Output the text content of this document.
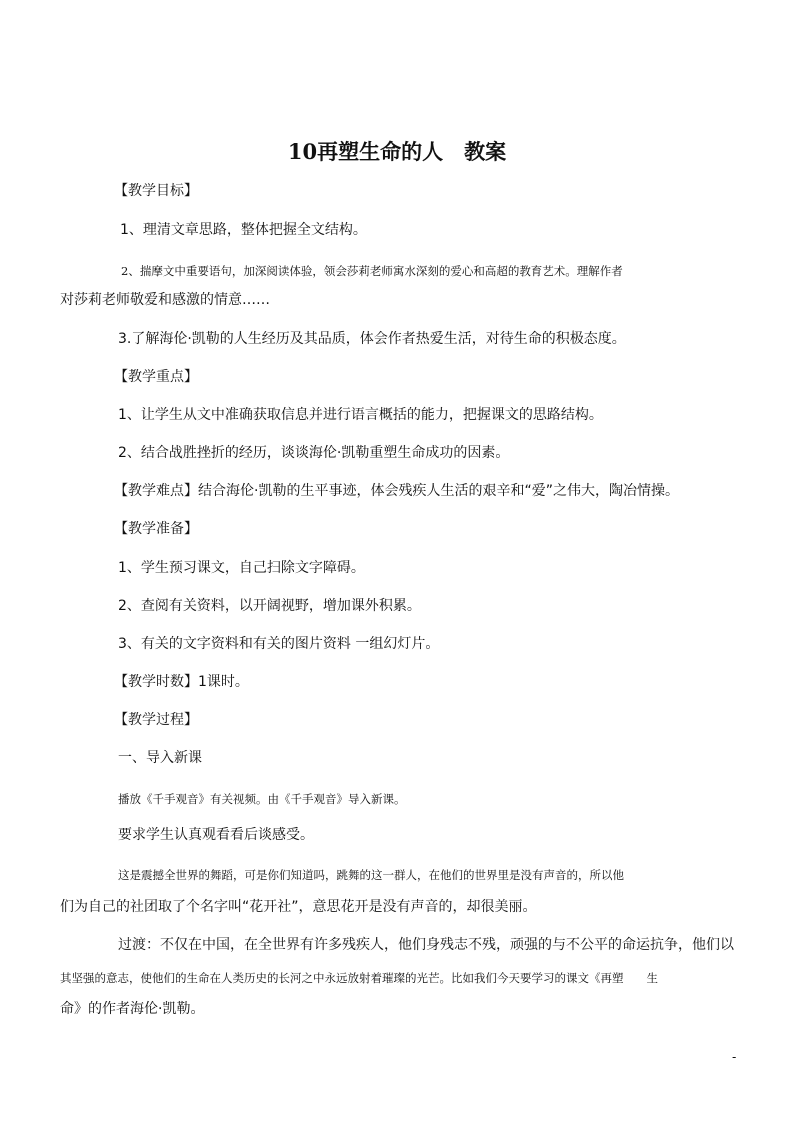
10再塑生命的人　教案
【教学目标】
1、理清文章思路，整体把握全文结构。
2、揣摩文中重要语句，加深阅读体验，领会莎莉老师寓水深刻的爱心和高超的教育艺术。理解作者
对莎莉老师敬爱和感激的情意……
3.了解海伦·凯勒的人生经历及其品质，体会作者热爱生活，对待生命的积极态度。
【教学重点】
1、让学生从文中准确获取信息并进行语言概括的能力，把握课文的思路结构。
2、结合战胜挫折的经历，谈谈海伦·凯勒重塑生命成功的因素。
【教学难点】结合海伦·凯勒的生平事迹，体会残疾人生活的艰辛和“爱”之伟大，陶冶情操。
【教学准备】
1、学生预习课文，自己扫除文字障碍。
2、查阅有关资料，以开阔视野，增加课外积累。
3、有关的文字资料和有关的图片资料 一组幻灯片。
【教学时数】1课时。
【教学过程】
一、导入新课
播放《千手观音》有关视频。由《千手观音》导入新课。
要求学生认真观看看后谈感受。
这是震撼全世界的舞蹈，可是你们知道吗，跳舞的这一群人，在他们的世界里是没有声音的，所以他
们为自己的社团取了个名字叫“花开社”，意思花开是没有声音的，却很美丽。
过渡：不仅在中国，在全世界有许多残疾人，他们身残志不残，顽强的与不公平的命运抗争，他们以
其坚强的意志，使他们的生命在人类历史的长河之中永远放射着璀璨的光芒。比如我们今天要学习的课文《再塑　　生
命》的作者海伦·凯勒。
-
